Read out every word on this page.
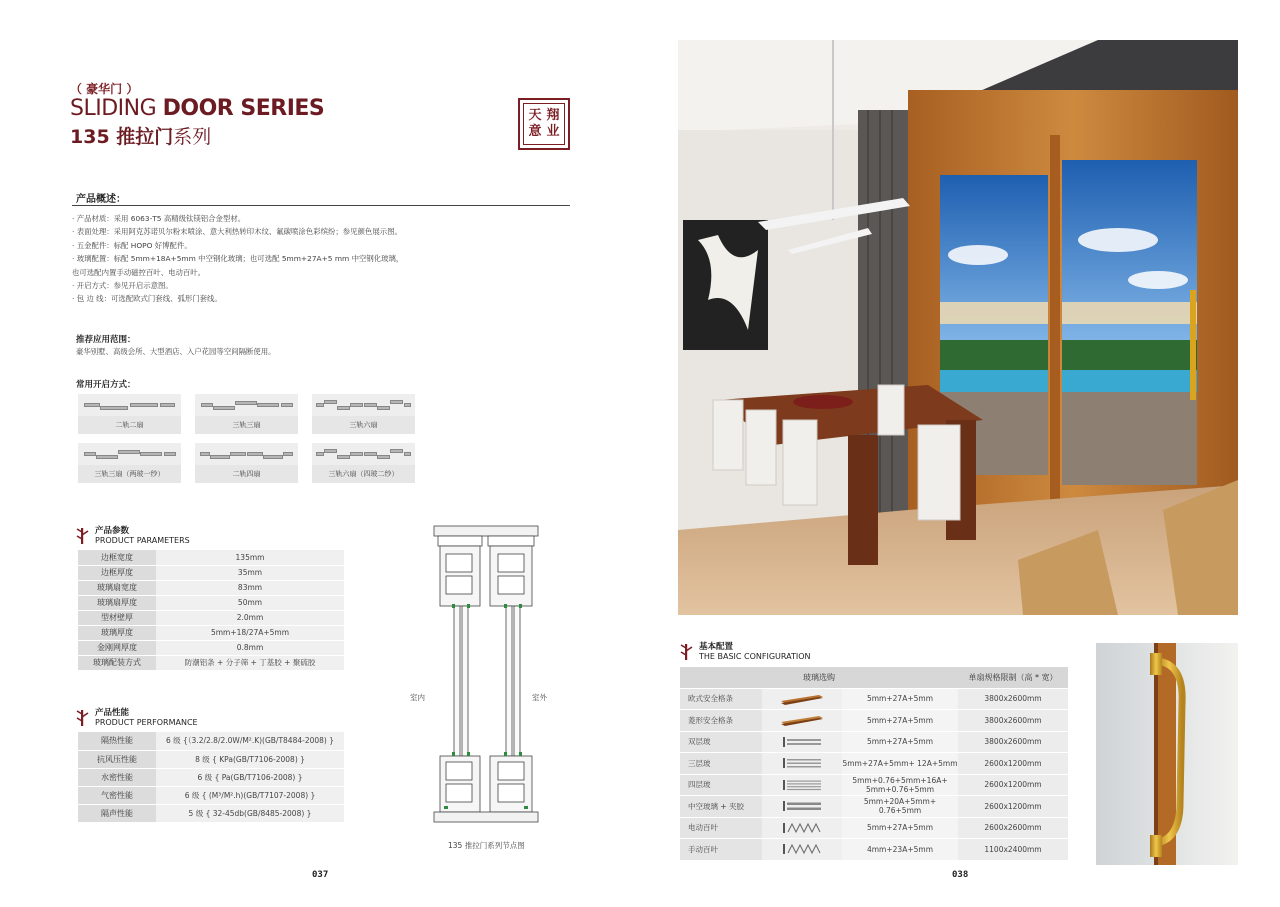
（ 豪华门 ）
SLIDING DOOR SERIES
135 推拉门系列
天 翔
意 业
产品概述：
· 产品材质：采用 6063-T5 高精级钛镁铝合金型材。
· 表面处理：采用阿克苏诺贝尔粉末喷涂、意大利热转印木纹、氟碳喷涂色彩缤纷；参见颜色展示图。
· 五金配件：标配 HOPO 好博配件。
· 玻璃配置：标配 5mm+18A+5mm 中空钢化玻璃；也可选配 5mm+27A+5 mm 中空钢化玻璃，
也可选配内置手动磁控百叶、电动百叶。
· 开启方式：参见开启示意图。
· 包 边 线：可选配欧式门套线、弧形门套线。
推荐应用范围：
豪华别墅、高级会所、大型酒店、入户花园等空间隔断使用。
常用开启方式：
二轨二扇	三轨三扇	三轨六扇
三轨三扇（两玻一纱）	二轨四扇	三轨六扇（四玻二纱）
产品参数
PRODUCT PARAMETERS
边框宽度	135mm
边框厚度	35mm
玻璃扇宽度	83mm
玻璃扇厚度	50mm
型材壁厚	2.0mm
玻璃厚度	5mm+18/27A+5mm
金刚网厚度	0.8mm
玻璃配装方式	防潮铝条 + 分子筛 + 丁基胶 + 聚硫胶
产品性能
PRODUCT PERFORMANCE
隔热性能	6 级 {（3.2/2.8/2.0W/M².K)(GB/T8484-2008) }
抗风压性能	8 级 { KPa(GB/T7106-2008) }
水密性能	6 级 { Pa(GB/T7106-2008) }
气密性能	6 级 { (M³/M².h)(GB/T7107-2008) }
隔声性能	5 级 { 32-45db(GB/8485-2008) }
室内	室外
135 推拉门系列节点图
037
基本配置
THE BASIC CONFIGURATION
玻璃选购			单扇规格限制（高 * 宽）
欧式安全格条		5mm+27A+5mm	3800x2600mm
菱形安全格条		5mm+27A+5mm	3800x2600mm
双层玻		5mm+27A+5mm	3800x2600mm
三层玻		5mm+27A+5mm+ 12A+5mm	2600x1200mm
四层玻		5mm+0.76+5mm+16A+ 5mm+0.76+5mm	2600x1200mm
中空玻璃 + 夹胶		5mm+20A+5mm+ 0.76+5mm	2600x1200mm
电动百叶		5mm+27A+5mm	2600x2600mm
手动百叶		4mm+23A+5mm	1100x2400mm
038
